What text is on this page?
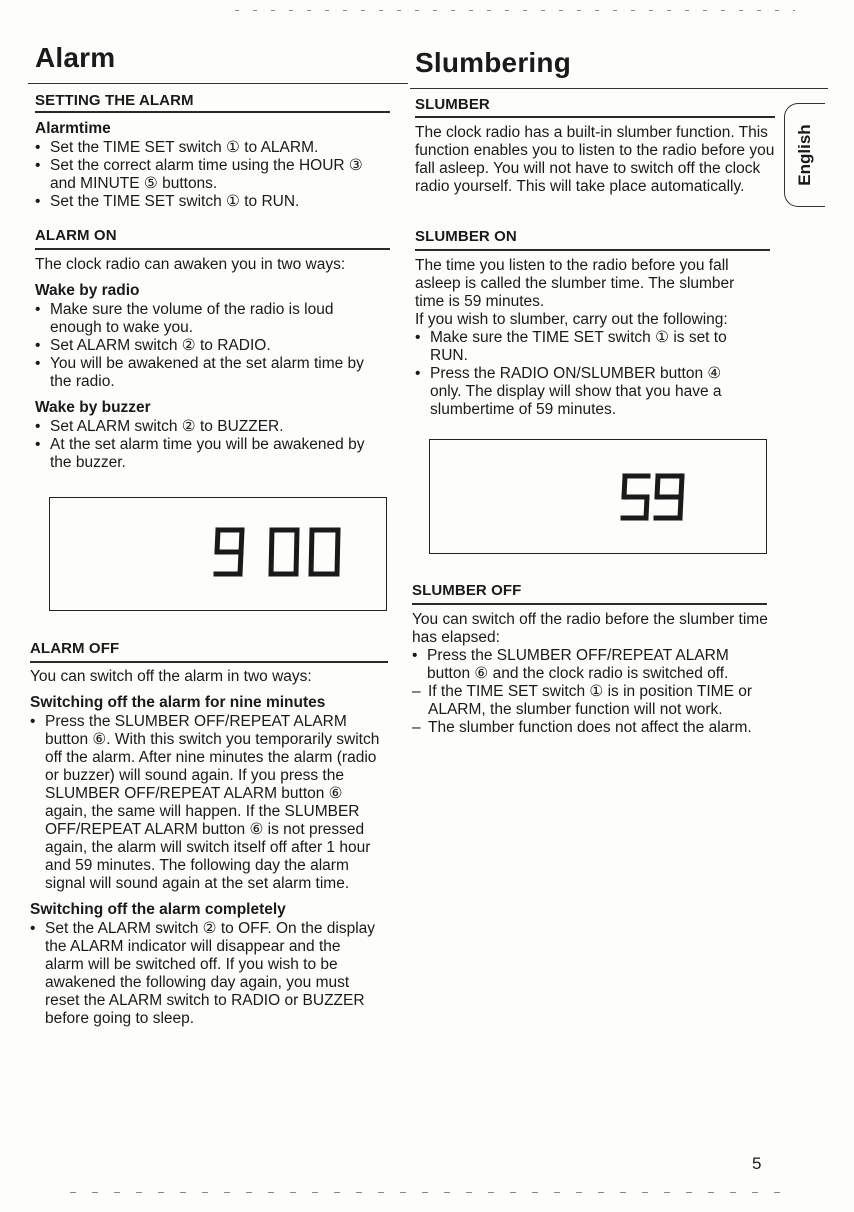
Alarm
SETTING THE ALARM
Alarmtime
• Set the TIME SET switch ① to ALARM.
• Set the correct alarm time using the HOUR ③ and MINUTE ⑤ buttons.
• Set the TIME SET switch ① to RUN.
ALARM ON

The clock radio can awaken you in two ways:

Wake by radio
• Make sure the volume of the radio is loud enough to wake you.
• Set ALARM switch ② to RADIO.
• You will be awakened at the set alarm time by the radio.
Wake by buzzer
• Set ALARM switch ② to BUZZER.
• At the set alarm time you will be awakened by the buzzer.
ALARM OFF

You can switch off the alarm in two ways:

Switching off the alarm for nine minutes
• Press the SLUMBER OFF/REPEAT ALARM button ⑥. With this switch you temporarily switch off the alarm. After nine minutes the alarm (radio or buzzer) will sound again. If you press the SLUMBER OFF/REPEAT ALARM button ⑥ again, the same will happen. If the SLUMBER OFF/REPEAT ALARM button ⑥ is not pressed again, the alarm will switch itself off after 1 hour and 59 minutes. The following day the alarm signal will sound again at the set alarm time.
Switching off the alarm completely
• Set the ALARM switch ② to OFF. On the display the ALARM indicator will disappear and the alarm will be switched off. If you wish to be awakened the following day again, you must reset the ALARM switch to RADIO or BUZZER before going to sleep.
Slumbering
SLUMBER

The clock radio has a built-in slumber function. This function enables you to listen to the radio before you fall asleep. You will not have to switch off the clock radio yourself. This will take place automatically.

SLUMBER ON

The time you listen to the radio before you fall asleep is called the slumber time. The slumber time is 59 minutes.

If you wish to slumber, carry out the following:

• Make sure the TIME SET switch ① is set to RUN.
• Press the RADIO ON/SLUMBER button ④ only. The display will show that you have a slumbertime of 59 minutes.
SLUMBER OFF

You can switch off the radio before the slumber time has elapsed:

• Press the SLUMBER OFF/REPEAT ALARM button ⑥ and the clock radio is switched off.
– If the TIME SET switch ① is in position TIME or ALARM, the slumber function will not work.
– The slumber function does not affect the alarm.
English
5
